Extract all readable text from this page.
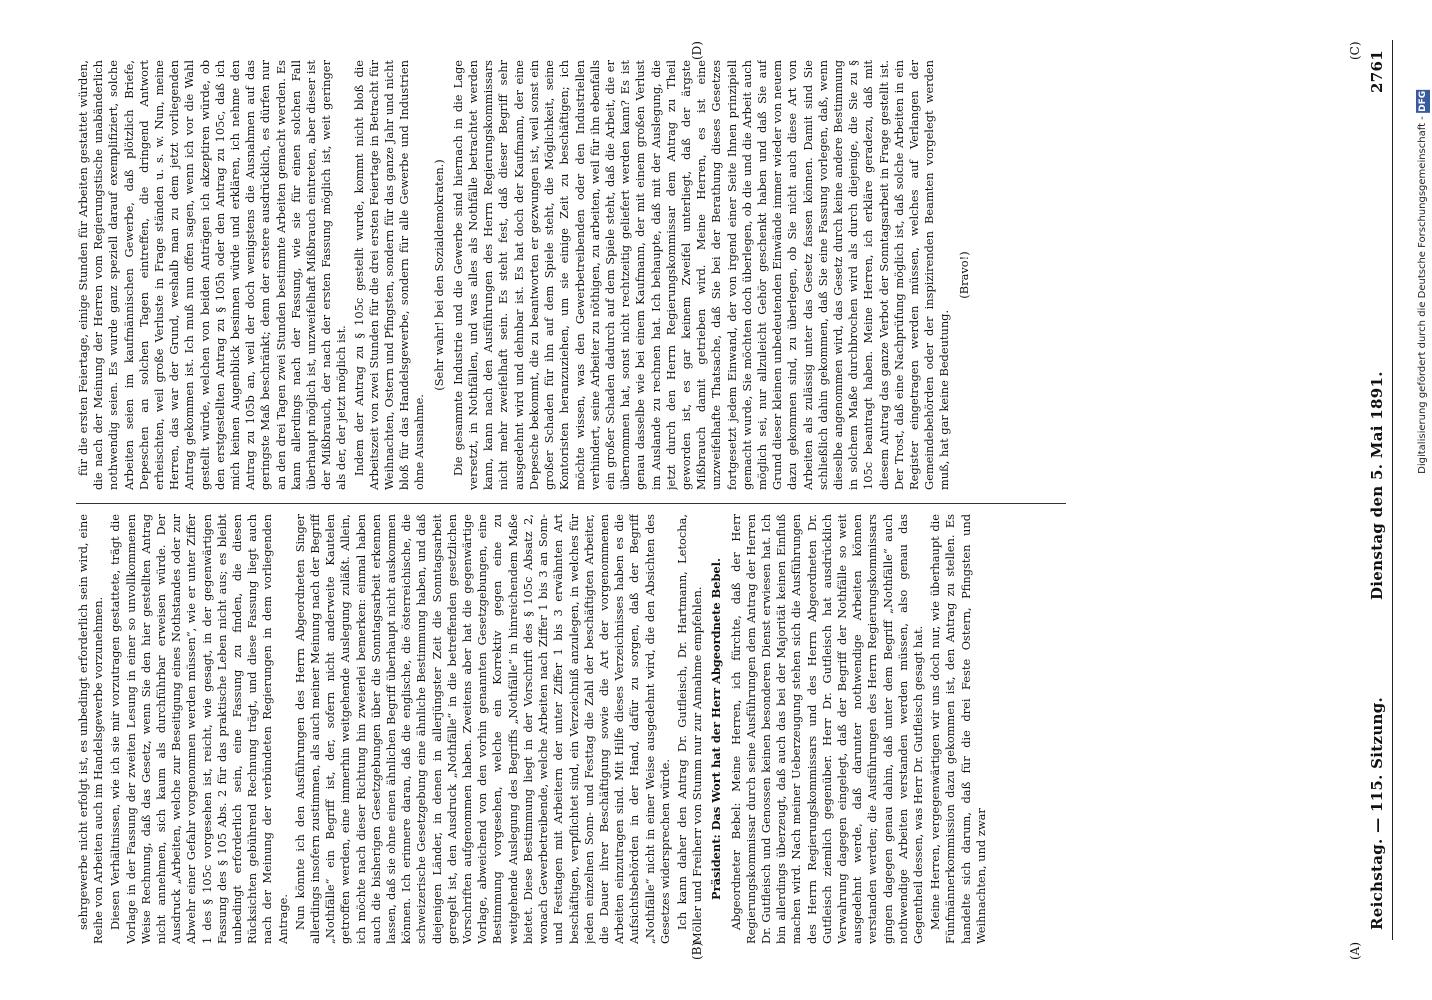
sehrgewerbe nicht erfolgt ist, es unbedingt erforderlich sein wird, eine Reihe von Arbeiten auch im Handelsgewerbe vorzunehmen. Diesen Verhältnissen, wie ich sie mir vorzutragen gestattete, trägt die Vorlage in der Fassung der zweiten Lesung in einer so unvollkommenen Weise Rechnung, daß das Gesetz, wenn Sie den hier gestellten Antrag nicht annehmen, sich kaum als durchführbar erweisen würde. Der Ausdruck „Arbeiten, welche zur Beseitigung eines Nothstandes oder zur Abwehr einer Gefahr vorgenommen werden müssen“, wie er unter Ziffer 1 des § 105c vorgesehen ist, reicht, wie gesagt, in der gegenwärtigen Fassung des § 105 Abs. 2 für das praktische Leben nicht aus; es bleibt unbedingt erforderlich sein, eine Fassung zu finden, die diesen Rücksichten gebührend Rechnung trägt, und diese Fassung liegt auch nach der Meinung der verbündeten Regierungen in dem vorliegenden Antrage. Nun könnte ich den Ausführungen des Herrn Abgeordneten Singer allerdings insofern zustimmen, als auch meiner Meinung nach der Begriff „Nothfälle“ ein Begriff ist, der, sofern nicht anderweite Kautelen getroffen werden, eine immerhin weitgehende Auslegung zuläßt. Allein, ich möchte nach dieser Richtung hin zweierlei bemerken: einmal haben auch die bisherigen Gesetzgebungen über die Sonntagsarbeit erkennen lassen, daß sie ohne einen ähnlichen Begriff überhaupt nicht auskommen können. Ich erinnere daran, daß die englische, die österreichische, die schweizerische Gesetzgebung eine ähnliche Bestimmung haben, und daß diejenigen Länder, in denen in allerjüngster Zeit die Sonntagsarbeit geregelt ist, den Ausdruck „Nothfälle“ in die betreffenden gesetzlichen Vorschriften aufgenommen haben. Zweitens aber hat die gegenwärtige Vorlage, abweichend von den vorhin genannten Gesetzgebungen, eine Bestimmung vorgesehen, welche ein Korrektiv gegen eine zu weitgehende Auslegung des Begriffs „Nothfälle“ in hinreichendem Maße bietet. Diese Bestimmung liegt in der Vorschrift des § 105c Absatz 2, wonach Gewerbetreibende, welche Arbeiten nach Ziffer 1 bis 3 an Sonn- und Festtagen mit Arbeitern der unter Ziffer 1 bis 3 erwähnten Art beschäftigen, verpflichtet sind, ein Verzeichniß anzulegen, in welches für jeden einzelnen Sonn- und Festtag die Zahl der beschäftigten Arbeiter, die Dauer ihrer Beschäftigung sowie die Art der vorgenommenen Arbeiten einzutragen sind. Mit Hilfe dieses Verzeichnisses haben es die Aufsichtsbehörden in der Hand, dafür zu sorgen, daß der Begriff „Nothfälle“ nicht in einer Weise ausgedehnt wird, die den Absichten des Gesetzes widersprechen würde. Ich kann daher den Antrag Dr. Gutfleisch, Dr. Hartmann, Letocha, Möller und Freiherr von Stumm nur zur Annahme empfehlen. Präsident: Das Wort hat der Herr Abgeordnete Bebel. Abgeordneter Bebel: Meine Herren, ich fürchte, daß der Herr Regierungskommissar durch seine Ausführungen dem Antrag der Herren Dr. Gutfleisch und Genossen keinen besonderen Dienst erwiesen hat. Ich bin allerdings überzeugt, daß auch das bei der Majorität keinen Einfluß machen wird. Nach meiner Ueberzeugung stehen sich die Ausführungen des Herrn Regierungskommissars und des Herrn Abgeordneten Dr. Gutfleisch ziemlich gegenüber. Herr Dr. Gutfleisch hat ausdrücklich Verwahrung dagegen eingelegt, daß der Begriff der Nothfälle so weit ausgedehnt werde, daß darunter nothwendige Arbeiten können verstanden werden; die Ausführungen des Herrn Regierungskommissars gingen dagegen genau dahin, daß unter dem Begriff „Nothfälle“ auch nothwendige Arbeiten verstanden werden müssen, also genau das Gegentheil dessen, was Herr Dr. Gutfleisch gesagt hat. Meine Herren, vergegenwärtigen wir uns doch nur, wie überhaupt die Fünfmännerkommission dazu gekommen ist, den Antrag zu stellen. Es handelte sich darum, daß für die drei Feste Ostern, Pfingsten und Weihnachten, und zwar

für die ersten Feiertage, einige Stunden für Arbeiten gestattet würden, die nach der Meinung der Herren vom Regierungstische unabänderlich nothwendig seien. Es wurde ganz speziell darauf exemplifiziert, solche Arbeiten seien im kaufmännischen Gewerbe, daß plötzlich Briefe, Depeschen an solchen Tagen eintreffen, die dringend Antwort erheischten, weil große Verluste in Frage ständen u. s. w. Nun, meine Herren, das war der Grund, weshalb man zu dem jetzt vorliegenden Antrag gekommen ist. Ich muß nun offen sagen, wenn ich vor die Wahl gestellt würde, welchen von beiden Anträgen ich akzeptiren würde, ob den erstgestellten Antrag zu § 105h oder den Antrag zu 105c, daß ich mich keinen Augenblick besinnen würde und erklären, ich nehme den Antrag zu 105b an, weil der doch wenigstens die Ausnahmen auf das geringste Maß beschränkt; denn der erstere ausdrücklich, es dürfen nur an den drei Tagen zwei Stunden bestimmte Arbeiten gemacht werden. Es kann allerdings nach der Fassung, wie sie für einen solchen Fall überhaupt möglich ist, unzweifelhaft Mißbrauch eintreten, aber dieser ist der Mißbrauch, der nach der ersten Fassung möglich ist, weit geringer als der, der jetzt möglich ist. Indem der Antrag zu § 105c gestellt wurde, kommt nicht bloß die Arbeitszeit von zwei Stunden für die drei ersten Feiertage in Betracht für Weihnachten, Ostern und Pfingsten, sondern für das ganze Jahr und nicht bloß für das Handelsgewerbe, sondern für alle Gewerbe und Industrien ohne Ausnahme.

(Sehr wahr! bei den Sozialdemokraten.) Die gesammte Industrie und die Gewerbe sind hiernach in die Lage versetzt, in Nothfällen, und was alles als Nothfälle betrachtet werden kann, kann nach den Ausführungen des Herrn Regierungskommissars nicht mehr zweifelhaft sein. Es steht fest, daß dieser Begriff sehr ausgedehnt wird und dehnbar ist. Es hat doch der Kaufmann, der eine Depesche bekommt, die zu beantworten er gezwungen ist, weil sonst ein großer Schaden für ihn auf dem Spiele steht, die Möglichkeit, seine Kontoristen heranzuziehen, um sie einige Zeit zu beschäftigen; ich möchte wissen, was den Gewerbetreibenden oder den Industriellen verhindert, seine Arbeiter zu nöthigen, zu arbeiten, weil für ihn ebenfalls ein großer Schaden dadurch auf dem Spiele steht, daß die Arbeit, die er übernommen hat, sonst nicht rechtzeitig geliefert werden kann? Es ist genau dasselbe wie bei einem Kaufmann, der mit einem großen Verlust im Auslande zu rechnen hat. Ich behaupte, daß mit der Auslegung, die jetzt durch den Herrn Regierungskommissar dem Antrag zu Theil geworden ist, es gar keinem Zweifel unterliegt, daß der ärgste Mißbrauch damit getrieben wird. Meine Herren, es ist eine unzweifelhafte Thatsache, daß Sie bei der Berathung dieses Gesetzes fortgesetzt jedem Einwand, der von irgend einer Seite Ihnen prinzipiell gemacht wurde, Sie möchten doch überlegen, ob die und die Arbeit auch möglich sei, nur allzuleicht Gehör geschenkt haben und daß Sie auf Grund dieser kleinen unbedeutenden Einwände immer wieder von neuem dazu gekommen sind, zu überlegen, ob Sie nicht auch diese Art von Arbeiten als zulässig unter das Gesetz fassen können. Damit sind Sie schließlich dahin gekommen, daß Sie eine Fassung vorlegen, daß, wenn dieselbe angenommen wird, das Gesetz durch keine andere Bestimmung in solchem Maße durchbrochen wird als durch diejenige, die Sie zu § 105c beantragt haben. Meine Herren, ich erkläre geradezu, daß mit diesem Antrag das ganze Verbot der Sonntagsarbeit in Frage gestellt ist. Der Trost, daß eine Nachprüfung möglich ist, daß solche Arbeiten in ein Register eingetragen werden müssen, welches auf Verlangen der Gemeindebehörden oder der inspizirenden Beamten vorgelegt werden muß, hat gar keine Bedeutung.

(Bravo!)

Reichstag. — 115. Sitzung.
Dienstag den 5. Mai 1891.
2761
(A)
(B)
(C)
(D)
Digitalisierung gefördert durch die Deutsche Forschungsgemeinschaft - DFG
